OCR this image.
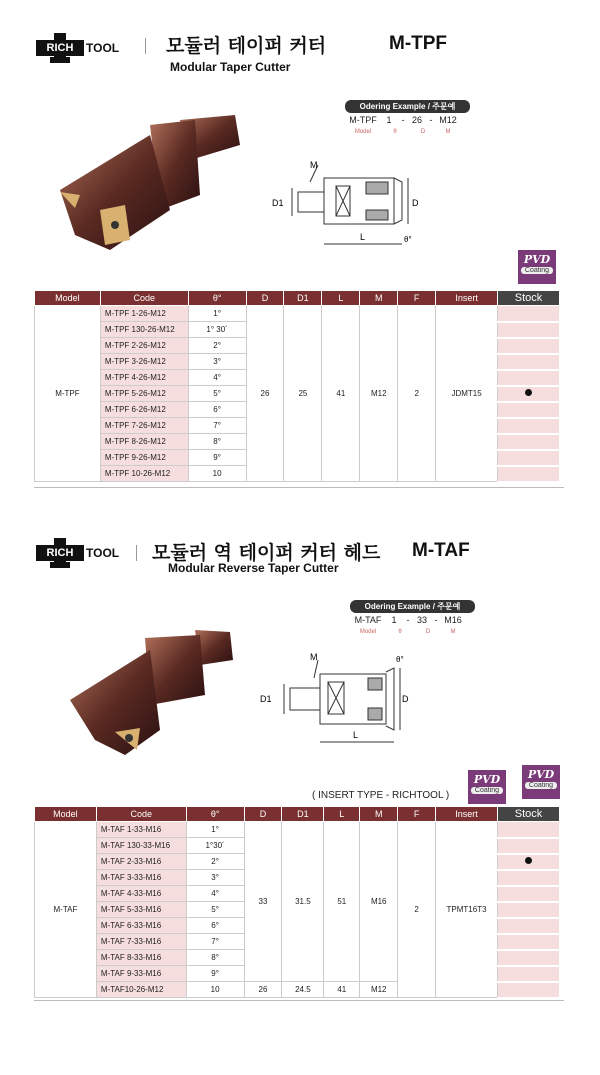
RICH	TOOL 모듈러 테이퍼 커터
Modular Taper Cutter
M-TPF
Odering Example / 주문예
M-TPF	1	- 26 - M12
Model	θ	D	M
M
D1	D
L	θ°
PVD
Coating
Model	Code	θ°	D	D1	L	M	F	Insert	Stock
M-TPF	M-TPF 1-26-M12	1°	26	25	41	M12	2	JDMT15	
	M-TPF 130-26-M12	1° 30´							
	M-TPF 2-26-M12	2°							
	M-TPF 3-26-M12	3°							
	M-TPF 4-26-M12	4°							
	M-TPF 5-26-M12	5°							
	M-TPF 6-26-M12	6°							
	M-TPF 7-26-M12	7°							
	M-TPF 8-26-M12	8°							
	M-TPF 9-26-M12	9°							
	M-TPF 10-26-M12	10							
RICH	TOOL 모듈러 역 테이퍼 커터 헤드
Modular Reverse Taper Cutter
M-TAF
Odering Example / 주문예
M-TAF	1	- 33 - M16
Model	θ	D	M
M
D1	D
L
θ°
( INSERT TYPE - RICHTOOL )
PVD
Coating
PVD
Coating
Model	Code	θ°	D	D1	L	M	F	Insert	Stock
M-TAF	M-TAF 1-33-M16	1°	33	31.5	51	M16	2	TPMT16T3	
	M-TAF 130-33-M16	1°30´							
	M-TAF 2-33-M16	2°							
	M-TAF 3-33-M16	3°							
	M-TAF 4-33-M16	4°							
	M-TAF 5-33-M16	5°							
	M-TAF 6-33-M16	6°							
	M-TAF 7-33-M16	7°							
	M-TAF 8-33-M16	8°							
	M-TAF 9-33-M16	9°							
	M-TAF10-26-M12	10	26	24.5	41	M12			
